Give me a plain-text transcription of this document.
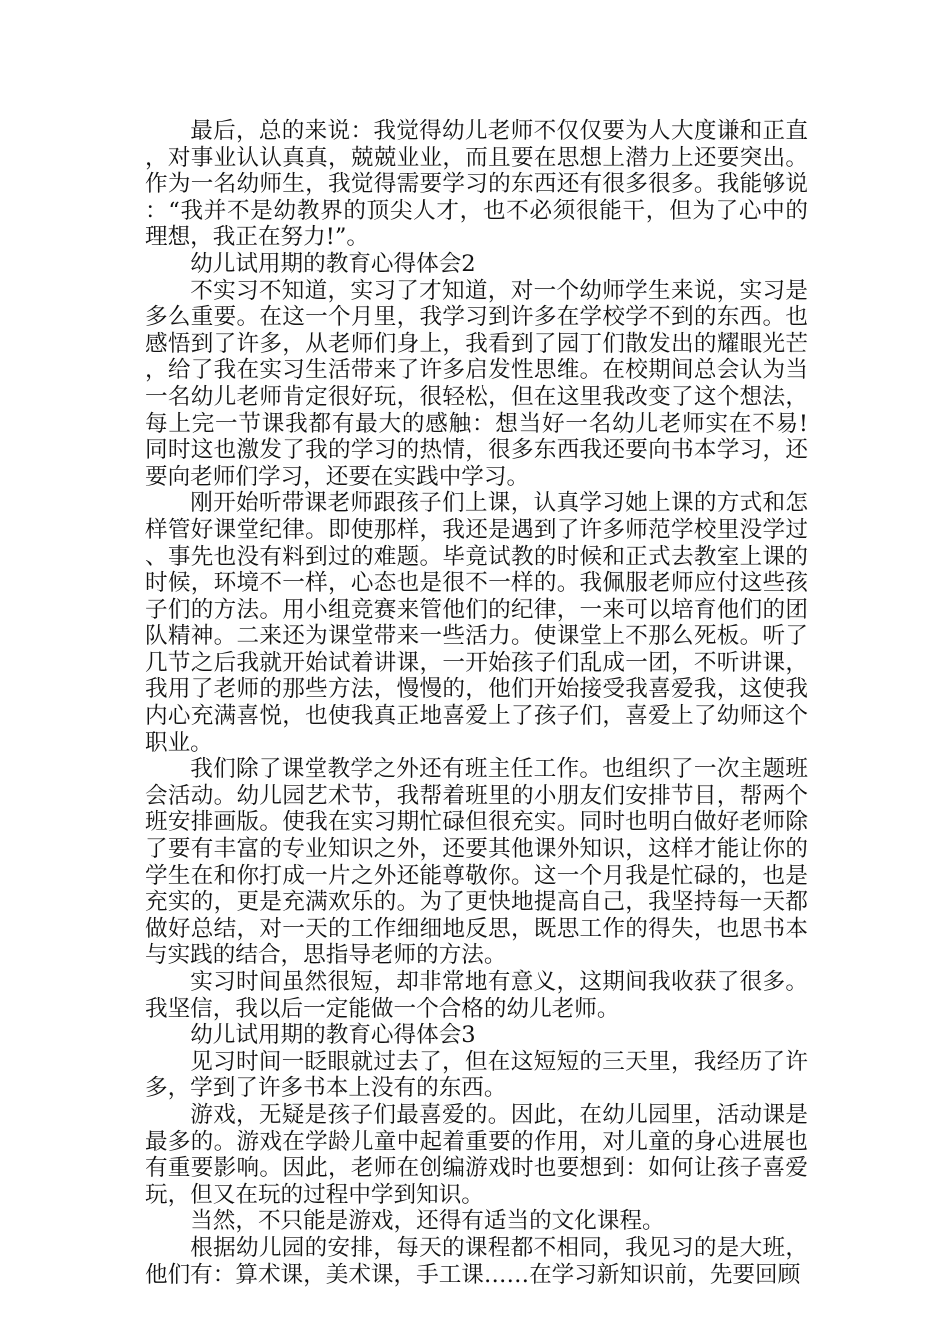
最后，总的来说：我觉得幼儿老师不仅仅要为人大度谦和正直，对事业认认真真，兢兢业业，而且要在思想上潜力上还要突出。作为一名幼师生，我觉得需要学习的东西还有很多很多。我能够说：“我并不是幼教界的顶尖人才，也不必须很能干，但为了心中的理想，我正在努力!”。

幼儿试用期的教育心得体会2

不实习不知道，实习了才知道，对一个幼师学生来说，实习是多么重要。在这一个月里，我学习到许多在学校学不到的东西。也感悟到了许多，从老师们身上，我看到了园丁们散发出的耀眼光芒，给了我在实习生活带来了许多启发性思维。在校期间总会认为当一名幼儿老师肯定很好玩，很轻松，但在这里我改变了这个想法，每上完一节课我都有最大的感触：想当好一名幼儿老师实在不易!同时这也激发了我的学习的热情，很多东西我还要向书本学习，还要向老师们学习，还要在实践中学习。

刚开始听带课老师跟孩子们上课，认真学习她上课的方式和怎样管好课堂纪律。即使那样，我还是遇到了许多师范学校里没学过、事先也没有料到过的难题。毕竟试教的时候和正式去教室上课的时候，环境不一样，心态也是很不一样的。我佩服老师应付这些孩子们的方法。用小组竞赛来管他们的纪律，一来可以培育他们的团队精神。二来还为课堂带来一些活力。使课堂上不那么死板。听了几节之后我就开始试着讲课，一开始孩子们乱成一团，不听讲课，我用了老师的那些方法，慢慢的，他们开始接受我喜爱我，这使我内心充满喜悦，也使我真正地喜爱上了孩子们，喜爱上了幼师这个职业。

我们除了课堂教学之外还有班主任工作。也组织了一次主题班会活动。幼儿园艺术节，我帮着班里的小朋友们安排节目，帮两个班安排画版。使我在实习期忙碌但很充实。同时也明白做好老师除了要有丰富的专业知识之外，还要其他课外知识，这样才能让你的学生在和你打成一片之外还能尊敬你。这一个月我是忙碌的，也是充实的，更是充满欢乐的。为了更快地提高自己，我坚持每一天都做好总结，对一天的工作细细地反思，既思工作的得失，也思书本与实践的结合，思指导老师的方法。

实习时间虽然很短，却非常地有意义，这期间我收获了很多。我坚信，我以后一定能做一个合格的幼儿老师。

幼儿试用期的教育心得体会3

见习时间一眨眼就过去了，但在这短短的三天里，我经历了许多，学到了许多书本上没有的东西。

游戏，无疑是孩子们最喜爱的。因此，在幼儿园里，活动课是最多的。游戏在学龄儿童中起着重要的作用，对儿童的身心进展也有重要影响。因此，老师在创编游戏时也要想到：如何让孩子喜爱玩，但又在玩的过程中学到知识。

当然，不只能是游戏，还得有适当的文化课程。

根据幼儿园的安排，每天的课程都不相同，我见习的是大班，他们有：算术课，美术课，手工课……在学习新知识前，先要回顾
